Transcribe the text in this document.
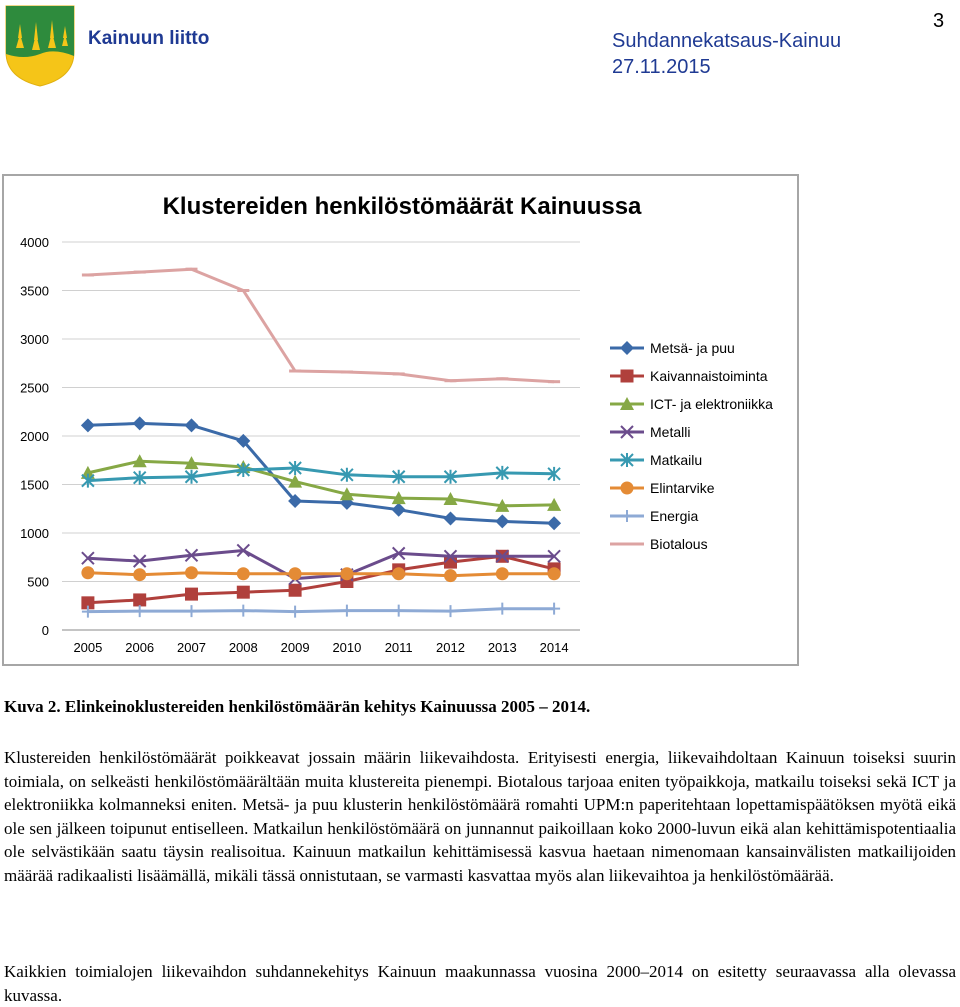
Kainuun liitto	Suhdannekatsaus-Kainuu
27.11.2015
3
Klustereiden henkilöstömäärät Kainuussa
0
500
1000
1500
2000
2500
3000
3500
4000
2005 2006 2007 2008 2009 2010 2011 2012 2013 2014
Metsä- ja puu
Kaivannaistoiminta
ICT- ja elektroniikka
Metalli
Matkailu
Elintarvike
Energia
Biotalous
Kuva 2. Elinkeinoklustereiden henkilöstömäärän kehitys Kainuussa 2005 – 2014.
Klustereiden henkilöstömäärät poikkeavat jossain määrin liikevaihdosta. Erityisesti energia, liikevaihdoltaan Kainuun toiseksi suurin toimiala, on selkeästi henkilöstömäärältään muita klustereita pienempi. Biotalous tarjoaa eniten työpaikkoja, matkailu toiseksi sekä ICT ja elektroniikka kolmanneksi eniten. Metsä- ja puu klusterin henkilöstömäärä romahti UPM:n paperitehtaan lopettamispäätöksen myötä eikä ole sen jälkeen toipunut entiselleen. Matkailun henkilöstömäärä on junnannut paikoillaan koko 2000-luvun eikä alan kehittämispotentiaalia ole selvästikään saatu täysin realisoitua. Kainuun matkailun kehittämisessä kasvua haetaan nimenomaan kansainvälisten matkailijoiden määrää radikaalisti lisäämällä, mikäli tässä onnistutaan, se varmasti kasvattaa myös alan liikevaihtoa ja henkilöstömäärää.
Kaikkien toimialojen liikevaihdon suhdannekehitys Kainuun maakunnassa vuosina 2000–2014 on esitetty seuraavassa alla olevassa kuvassa.
